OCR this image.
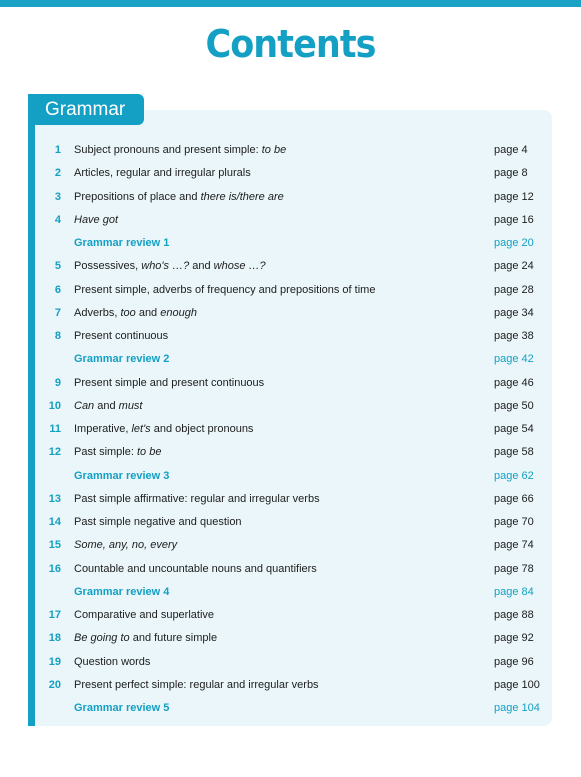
Contents
Grammar
1 Subject pronouns and present simple: to be	page 4
2 Articles, regular and irregular plurals	page 8
3 Prepositions of place and there is/there are	page 12
4 Have got	page 16
Grammar review 1	page 20
5 Possessives, who's …? and whose …?	page 24
6 Present simple, adverbs of frequency and prepositions of time	page 28
7 Adverbs, too and enough	page 34
8 Present continuous	page 38
Grammar review 2	page 42
9 Present simple and present continuous	page 46
10 Can and must	page 50
11 Imperative, let's and object pronouns	page 54
12 Past simple: to be	page 58
Grammar review 3	page 62
13 Past simple affirmative: regular and irregular verbs	page 66
14 Past simple negative and question	page 70
15 Some, any, no, every	page 74
16 Countable and uncountable nouns and quantifiers	page 78
Grammar review 4	page 84
17 Comparative and superlative	page 88
18 Be going to and future simple	page 92
19 Question words	page 96
20 Present perfect simple: regular and irregular verbs	page 100
Grammar review 5	page 104
